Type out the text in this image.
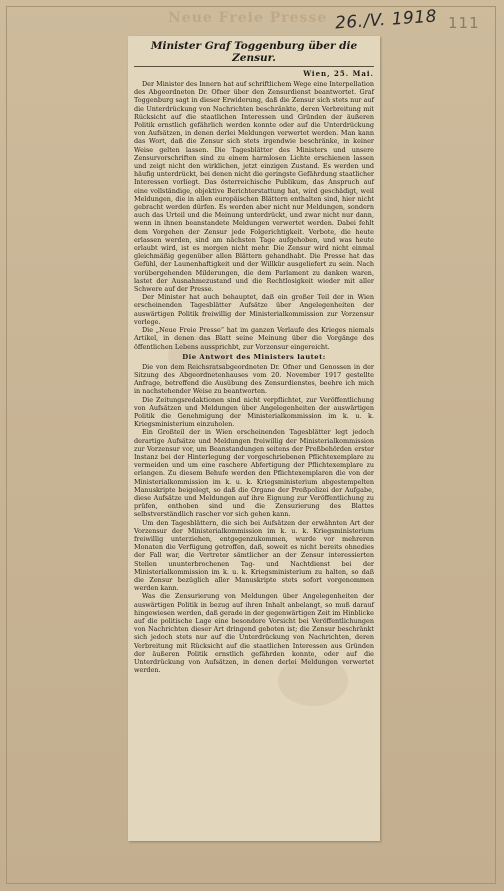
Neue Freie Presse 26./V. 1918 111
Minister Graf Toggenburg über die Zensur.
Wien, 25. Mai.

Der Minister des Innern hat auf schriftlichem Wege eine Interpellation des Abgeordneten Dr. Ofner über den Zensurdienst beantwortet. Graf Toggenburg sagt in dieser Erwiderung, daß die Zensur sich stets nur auf die Unterdrückung von Nachrichten beschränkte, deren Verbreitung mit Rücksicht auf die staatlichen Interessen und Gründen der äußeren Politik ernstlich gefährlich werden konnte oder auf die Unterdrückung von Aufsätzen, in denen derlei Meldungen verwertet werden. Man kann das Wort, daß die Zensur sich stets irgendwie beschränke, in keiner Weise gelten lassen. Die Tagesblätter des Ministers und unsere Zensurvorschriften sind zu einem harmlosen Lichte erschienen lassen und zeigt nicht den wirklichen, jetzt einzigen Zustand. Es werden und häufig unterdrückt, bei denen nicht die geringste Gefährdung staatlicher Interessen vorliegt. Das österreichische Publikum, das Anspruch auf eine vollständige, objektive Berichterstattung hat, wird geschädigt, weil Meldungen, die in allen europäischen Blättern enthalten sind, hier nicht gebracht werden dürfen. Es werden aber nicht nur Meldungen, sondern auch das Urteil und die Meinung unterdrückt, und zwar nicht nur dann, wenn in ihnen beanstandete Meldungen verwertet werden. Dabei fehlt dem Vorgehen der Zensur jede Folgerichtigkeit. Verbote, die heute erlassen werden, sind am nächsten Tage aufgehoben, und was heute erlaubt wird, ist es morgen nicht mehr. Die Zensur wird nicht einmal gleichmäßig gegenüber allen Blättern gehandhabt. Die Presse hat das Gefühl, der Launenhaftigkeit und der Willkür ausgeliefert zu sein. Nach vorübergehenden Milderungen, die dem Parlament zu danken waren, lastet der Ausnahmezustand und die Rechtlosigkeit wieder mit aller Schwere auf der Presse.

Der Minister hat auch behauptet, daß ein großer Teil der in Wien erscheinenden Tagesblätter Aufsätze über Angelegenheiten der auswärtigen Politik freiwillig der Ministerialkommission zur Vorzensur vorlege.

Die „Neue Freie Presse“ hat im ganzen Verlaufe des Krieges niemals Artikel, in denen das Blatt seine Meinung über die Vorgänge des öffentlichen Lebens aussprichbt, zur Vorzensur eingereicht.

Die Antwort des Ministers lautet:

Die von dem Reichsratsabgeordneten Dr. Ofner und Genossen in der Sitzung des Abgeordnetenhauses vom 20. November 1917 gestellte Anfrage, betreffend die Ausübung des Zensurdienstes, beehre ich mich in nachstehender Weise zu beantworten.

Die Zeitungsredaktionen sind nicht verpflichtet, zur Veröffentlichung von Aufsätzen und Meldungen über Angelegenheiten der auswärtigen Politik die Genehmigung der Ministerialkommission im k. u. k. Kriegsministerium einzuholen.

Ein Großteil der in Wien erscheinenden Tagesblätter legt jedoch derartige Aufsätze und Meldungen freiwillig der Ministerialkommission zur Vorzensur vor, um Beanstandungen seitens der Preßbehörden erster Instanz bei der Hinterlegung der vorgeschriebenen Pflichtexemplare zu vermeiden und um eine raschere Abfertigung der Pflichtexemplare zu erlangen. Zu diesem Behufe werden den Pflichtexemplaren die von der Ministerialkommission im k. u. k. Kriegsministerium abgestempelten Manuskripte beigelegt, so daß die Organe der Preßpolizei der Aufgabe, diese Aufsätze und Meldungen auf ihre Eignung zur Veröffentlichung zu prüfen, enthoben sind und die Zensurierung des Blattes selbstverständlich rascher vor sich gehen kann.

Um den Tagesblättern, die sich bei Aufsätzen der erwähnten Art der Vorzensur der Ministerialkommission im k. u. k. Kriegsministerium freiwillig unterziehen, entgegenzukommen, wurde vor mehreren Monaten die Verfügung getroffen, daß, soweit es nicht bereits ohnedies der Fall war, die Vertreter sämtlicher an der Zensur interessierten Stellen ununterbrochenen Tag- und Nachtdienst bei der Ministerialkommission im k. u. k. Kriegsministerium zu halten, so daß die Zensur bezüglich aller Manuskripte stets sofort vorgenommen werden kann.

Was die Zensurierung von Meldungen über Angelegenheiten der auswärtigen Politik in bezug auf ihren Inhalt anbelangt, so muß darauf hingewiesen werden, daß gerade in der gegenwärtigen Zeit im Hinblicke auf die politische Lage eine besondere Vorsicht bei Veröffentlichungen von Nachrichten dieser Art dringend geboten ist; die Zensur beschränkt sich jedoch stets nur auf die Unterdrückung von Nachrichten, deren Verbreitung mit Rücksicht auf die staatlichen Interessen aus Gründen der äußeren Politik ernstlich gefährden konnte, oder auf die Unterdrückung von Aufsätzen, in denen derlei Meldungen verwertet werden.
